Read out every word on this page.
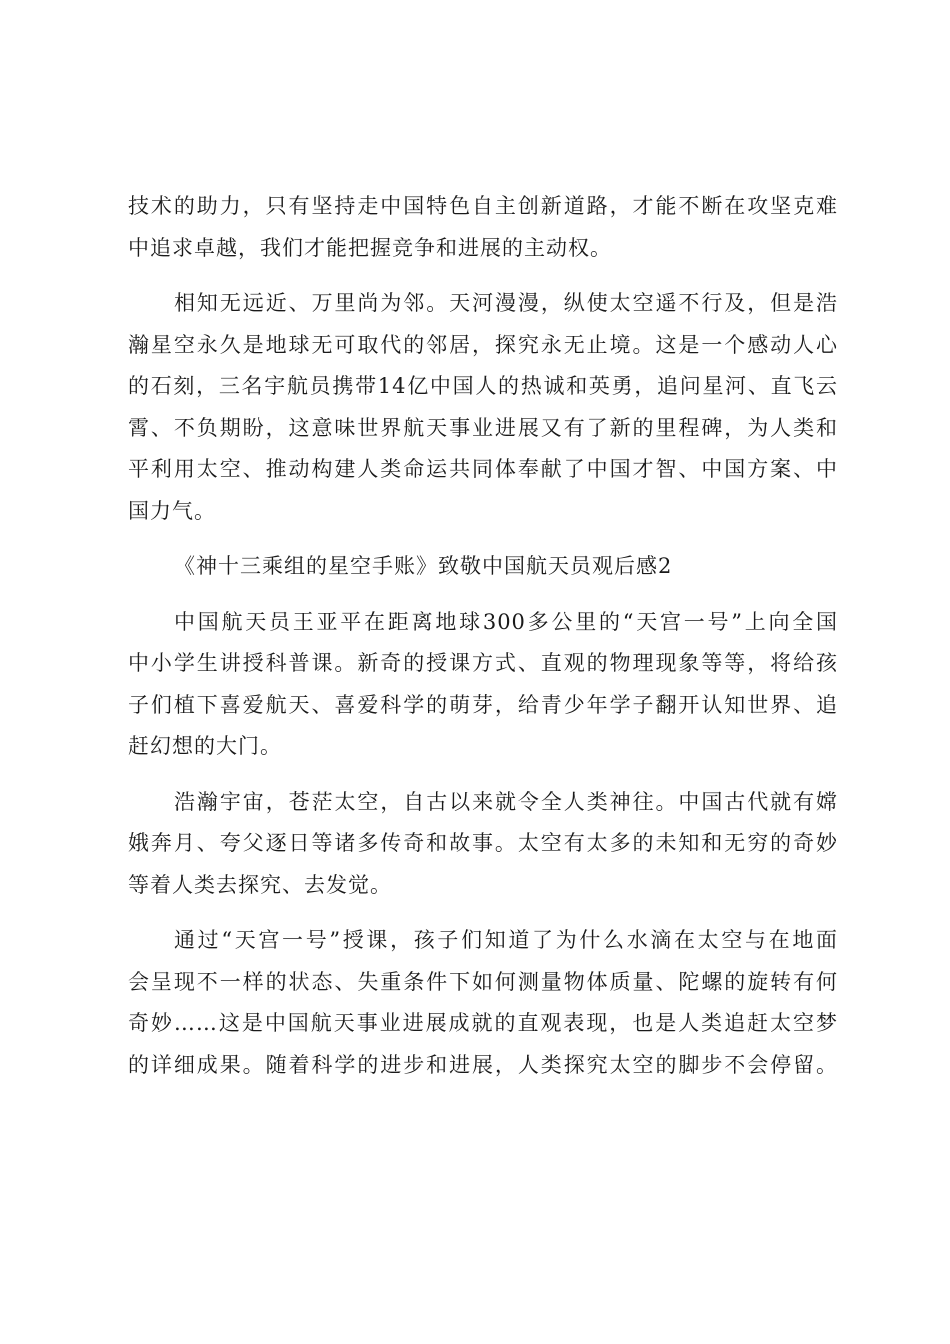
技术的助力，只有坚持走中国特色自主创新道路，才能不断在攻坚克难
中追求卓越，我们才能把握竞争和进展的主动权。
相知无远近、万里尚为邻。天河漫漫，纵使太空遥不行及，但是浩
瀚星空永久是地球无可取代的邻居，探究永无止境。这是一个感动人心
的石刻，三名宇航员携带14亿中国人的热诚和英勇，追问星河、直飞云
霄、不负期盼，这意味世界航天事业进展又有了新的里程碑，为人类和
平利用太空、推动构建人类命运共同体奉献了中国才智、中国方案、中
国力气。
《神十三乘组的星空手账》致敬中国航天员观后感2
中国航天员王亚平在距离地球300多公里的“天宫一号”上向全国
中小学生讲授科普课。新奇的授课方式、直观的物理现象等等，将给孩
子们植下喜爱航天、喜爱科学的萌芽，给青少年学子翻开认知世界、追
赶幻想的大门。
浩瀚宇宙，苍茫太空，自古以来就令全人类神往。中国古代就有嫦
娥奔月、夸父逐日等诸多传奇和故事。太空有太多的未知和无穷的奇妙
等着人类去探究、去发觉。
通过“天宫一号”授课，孩子们知道了为什么水滴在太空与在地面
会呈现不一样的状态、失重条件下如何测量物体质量、陀螺的旋转有何
奇妙……这是中国航天事业进展成就的直观表现，也是人类追赶太空梦
的详细成果。随着科学的进步和进展，人类探究太空的脚步不会停留。
